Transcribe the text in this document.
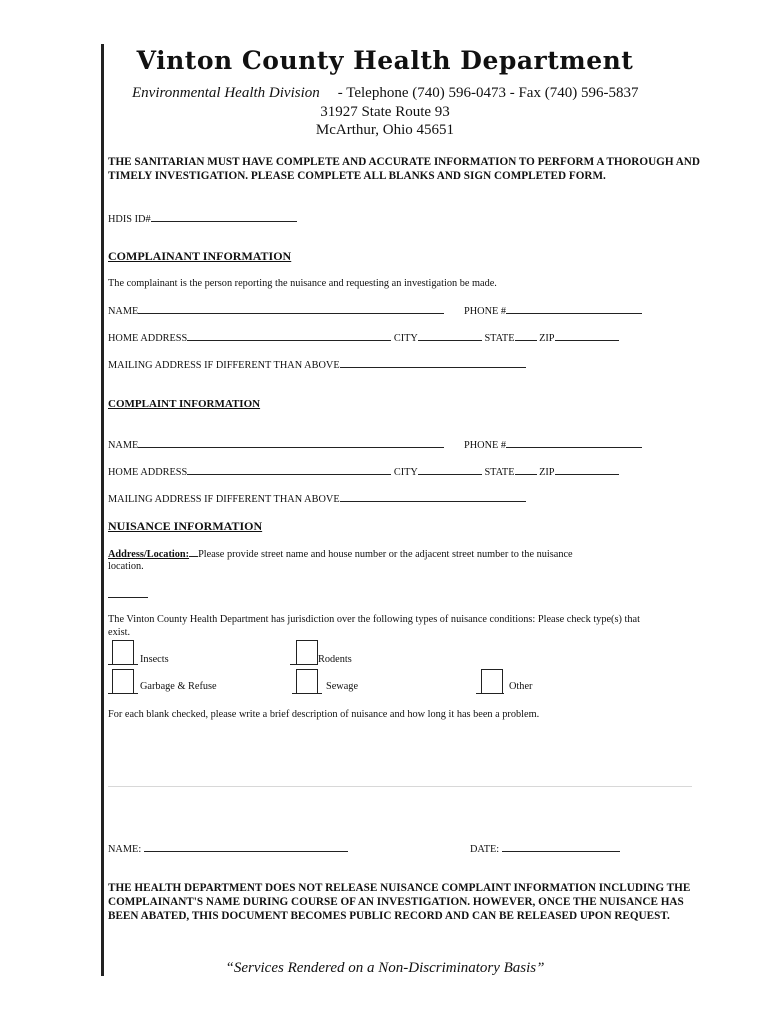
Vinton County Health Department
Environmental Health Division - Telephone (740) 596-0473 - Fax (740) 596-5837
31927 State Route 93
McArthur, Ohio 45651
THE SANITARIAN MUST HAVE COMPLETE AND ACCURATE INFORMATION TO PERFORM A THOROUGH AND TIMELY INVESTIGATION. PLEASE COMPLETE ALL BLANKS AND SIGN COMPLETED FORM.
HDIS ID#
COMPLAINANT INFORMATION
The complainant is the person reporting the nuisance and requesting an investigation be made.
NAME	PHONE #
HOME ADDRESS	CITY	STATE ZIP
MAILING ADDRESS IF DIFFERENT THAN ABOVE
COMPLAINT INFORMATION
NAME	PHONE #
HOME ADDRESS	CITY	STATE ZIP
MAILING ADDRESS IF DIFFERENT THAN ABOVE
NUISANCE INFORMATION
Address/Location: Please provide street name and house number or the adjacent street number to the nuisance
location.
The Vinton County Health Department has jurisdiction over the following types of nuisance conditions: Please check type(s) that
exist.
Insects	Rodents
Garbage & Refuse	Sewage	Other
For each blank checked, please write a brief description of nuisance and how long it has been a problem.
NAME:	DATE:
THE HEALTH DEPARTMENT DOES NOT RELEASE NUISANCE COMPLAINT INFORMATION INCLUDING THE COMPLAINANT'S NAME DURING COURSE OF AN INVESTIGATION. HOWEVER, ONCE THE NUISANCE HAS BEEN ABATED, THIS DOCUMENT BECOMES PUBLIC RECORD AND CAN BE RELEASED UPON REQUEST.
“Services Rendered on a Non-Discriminatory Basis”
